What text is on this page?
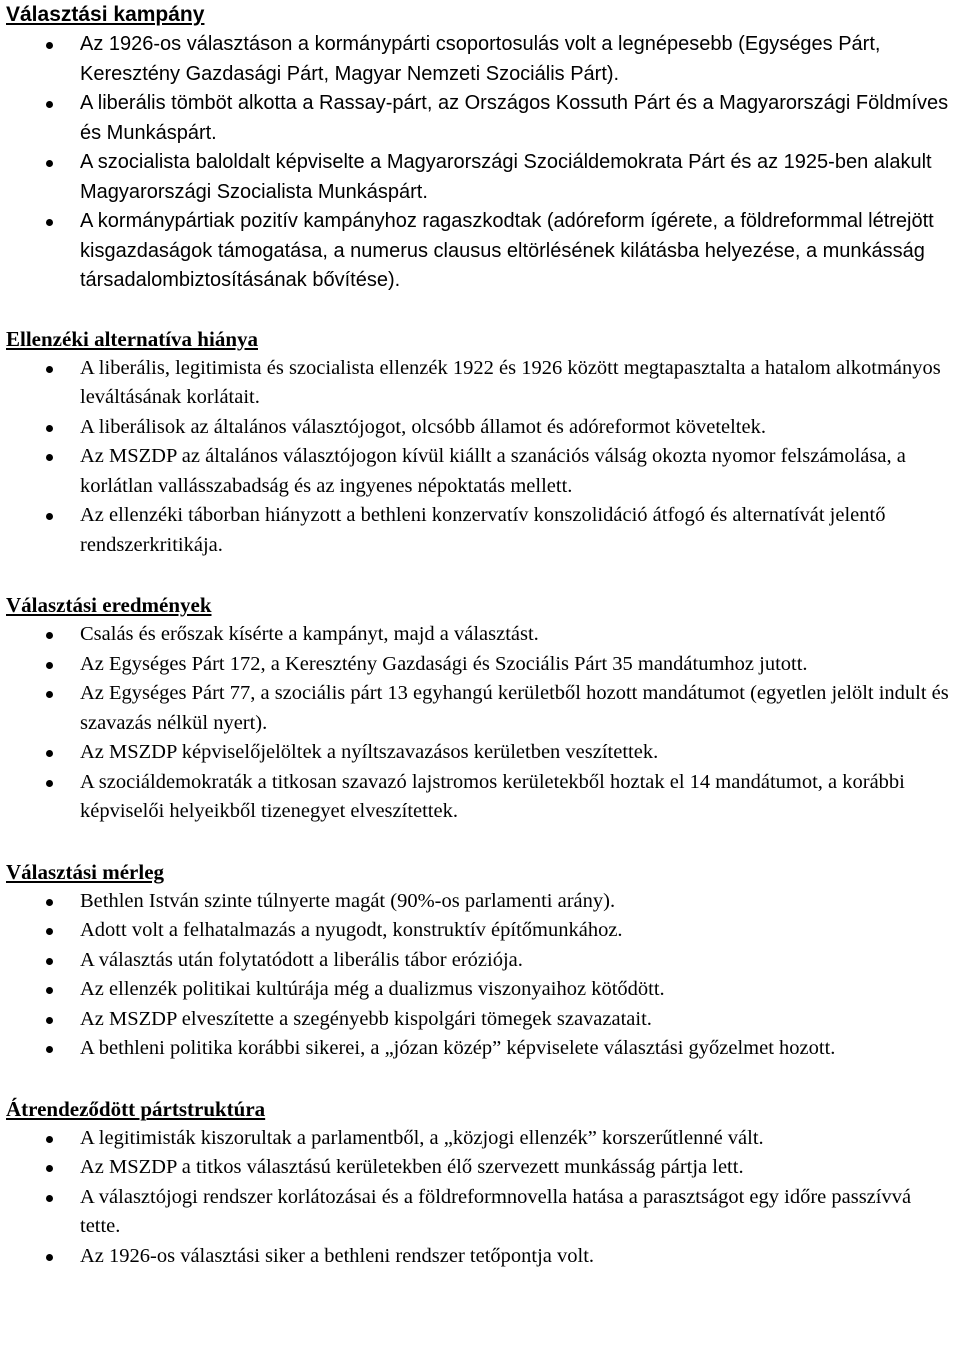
Választási kampány
Az 1926-os választáson a kormánypárti csoportosulás volt a legnépesebb (Egységes Párt, Keresztény Gazdasági Párt, Magyar Nemzeti Szociális Párt).
A liberális tömböt alkotta a Rassay-párt, az Országos Kossuth Párt és a Magyarországi Földmíves és Munkáspárt.
A szocialista baloldalt képviselte a Magyarországi Szociáldemokrata Párt és az 1925-ben alakult Magyarországi Szocialista Munkáspárt.
A kormánypártiak pozitív kampányhoz ragaszkodtak (adóreform ígérete, a földreformmal létrejött kisgazdaságok támogatása, a numerus clausus eltörlésének kilátásba helyezése, a munkásság társadalombiztosításának bővítése).
Ellenzéki alternatíva hiánya
A liberális, legitimista és szocialista ellenzék 1922 és 1926 között megtapasztalta a hatalom alkotmányos leváltásának korlátait.
A liberálisok az általános választójogot, olcsóbb államot és adóreformot követeltek.
Az MSZDP az általános választójogon kívül kiállt a szanációs válság okozta nyomor felszámolása, a korlátlan vallásszabadság és az ingyenes népoktatás mellett.
Az ellenzéki táborban hiányzott a bethleni konzervatív konszolidáció átfogó és alternatívát jelentő rendszerkritikája.
Választási eredmények
Csalás és erőszak kísérte a kampányt, majd a választást.
Az Egységes Párt 172, a Keresztény Gazdasági és Szociális Párt 35 mandátumhoz jutott.
Az Egységes Párt 77, a szociális párt 13 egyhangú kerületből hozott mandátumot (egyetlen jelölt indult és szavazás nélkül nyert).
Az MSZDP képviselőjelöltek a nyíltszavazásos kerületben veszítettek.
A szociáldemokraták a titkosan szavazó lajstromos kerületekből hoztak el 14 mandátumot, a korábbi képviselői helyeikből tizenegyet elveszítettek.
Választási mérleg
Bethlen István szinte túlnyerte magát (90%-os parlamenti arány).
Adott volt a felhatalmazás a nyugodt, konstruktív építőmunkához.
A választás után folytatódott a liberális tábor eróziója.
Az ellenzék politikai kultúrája még a dualizmus viszonyaihoz kötődött.
Az MSZDP elveszítette a szegényebb kispolgári tömegek szavazatait.
A bethleni politika korábbi sikerei, a „józan közép” képviselete választási győzelmet hozott.
Átrendeződött pártstruktúra
A legitimisták kiszorultak a parlamentből, a „közjogi ellenzék” korszerűtlenné vált.
Az MSZDP a titkos választású kerületekben élő szervezett munkásság pártja lett.
A választójogi rendszer korlátozásai és a földreformnovella hatása a parasztságot egy időre passzívvá tette.
Az 1926-os választási siker a bethleni rendszer tetőpontja volt.
